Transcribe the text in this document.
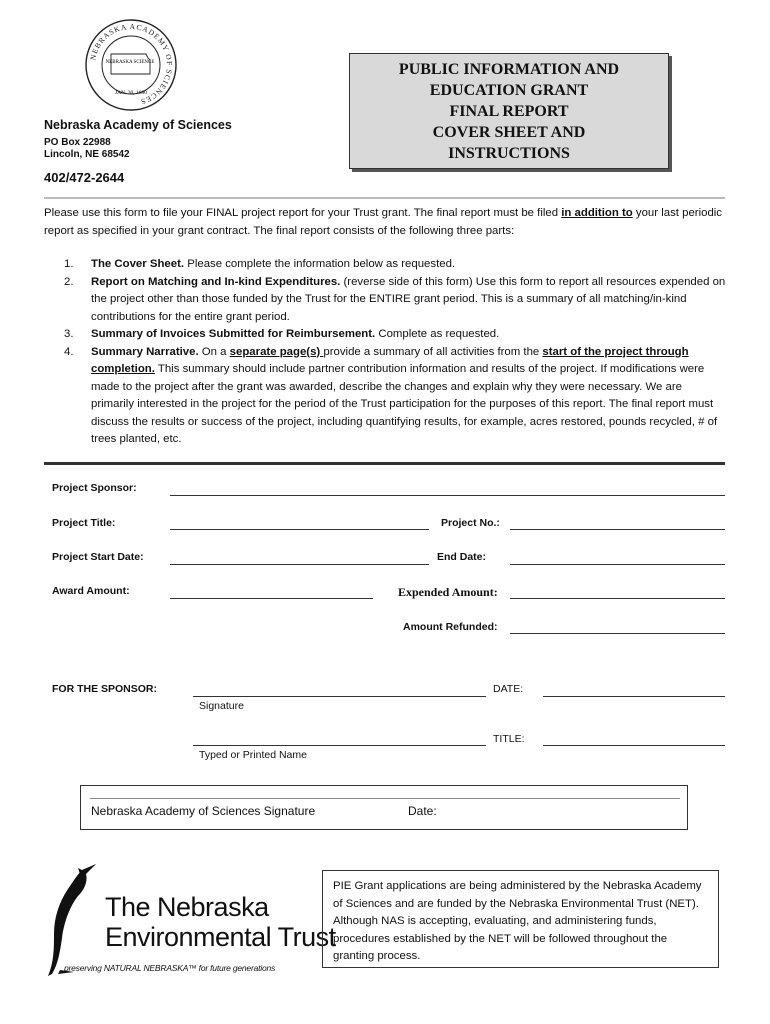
NEBRASKA ACADEMY OF SCIENCES
NEBRASKA SCIENCE
JAN. 30, 1880
Nebraska Academy of Sciences
PO Box 22988
Lincoln, NE 68542
402/472-2644
PUBLIC INFORMATION AND
EDUCATION GRANT
FINAL REPORT
COVER SHEET AND
INSTRUCTIONS
Please use this form to file your FINAL project report for your Trust grant. The final report must be filed in addition to your last periodic report as specified in your grant contract. The final report consists of the following three parts:
1.	The Cover Sheet. Please complete the information below as requested.
2.	Report on Matching and In-kind Expenditures. (reverse side of this form) Use this form to report all resources expended on the project other than those funded by the Trust for the ENTIRE grant period. This is a summary of all matching/in-kind contributions for the entire grant period.
3.	Summary of Invoices Submitted for Reimbursement. Complete as requested.
4.	Summary Narrative. On a separate page(s) provide a summary of all activities from the start of the project through completion. This summary should include partner contribution information and results of the project. If modifications were made to the project after the grant was awarded, describe the changes and explain why they were necessary. We are primarily interested in the project for the period of the Trust participation for the purposes of this report. The final report must discuss the results or success of the project, including quantifying results, for example, acres restored, pounds recycled, # of trees planted, etc.
Project Sponsor:
Project Title:	Project No.:
Project Start Date:	End Date:
Award Amount:	Expended Amount:
Amount Refunded:
FOR THE SPONSOR:
Signature
DATE:
Typed or Printed Name
TITLE:
Nebraska Academy of Sciences Signature	Date:
The Nebraska
Environmental Trust
preserving NATURAL NEBRASKA™ for future generations
PIE Grant applications are being administered by the Nebraska Academy of Sciences and are funded by the Nebraska Environmental Trust (NET). Although NAS is accepting, evaluating, and administering funds, procedures established by the NET will be followed throughout the granting process.
